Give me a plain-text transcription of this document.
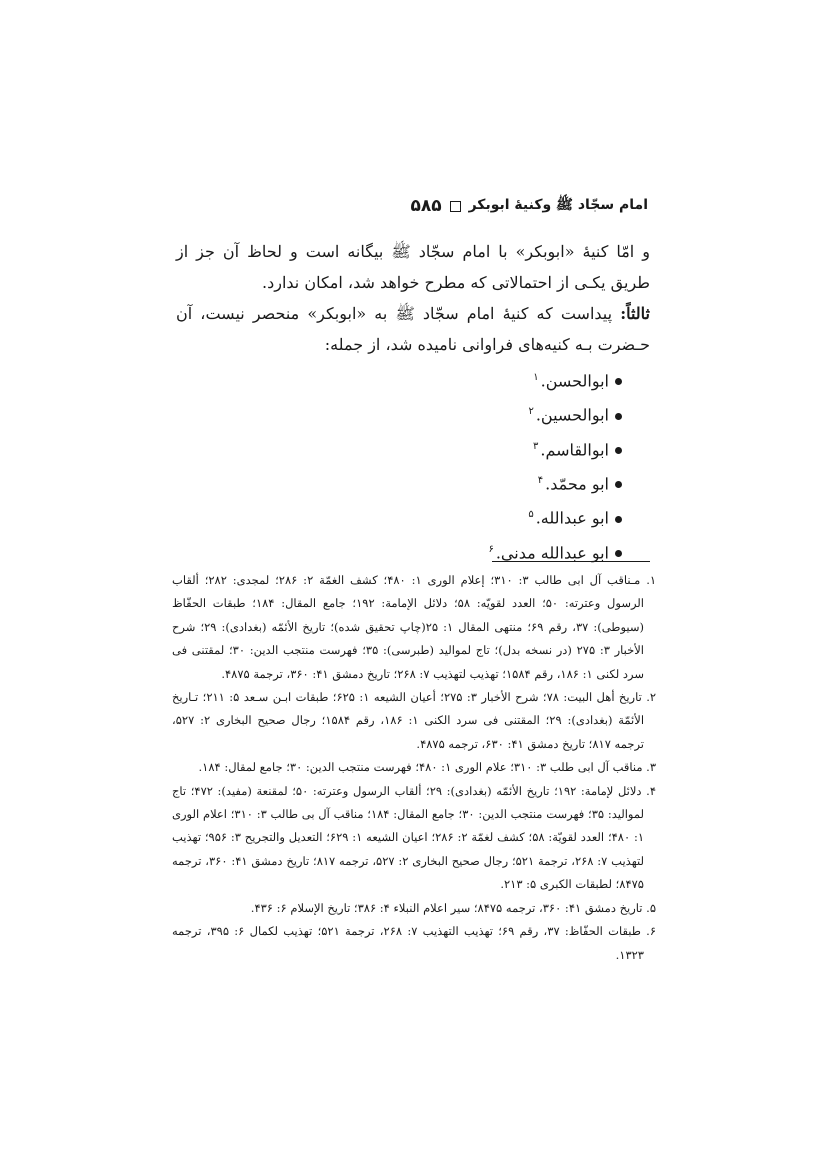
امام سجّاد ﷺ وکنیهٔ ابوبکر
۵۸۵

و امّا کنیهٔ «ابوبکر» با امام سجّاد ﷺ بیگانه است و لحاظ آن جز از طریق یکـی از احتمالاتی که مطرح خواهد شد، امکان ندارد.

ثالثاً: پیداست که کنیهٔ امام سجّاد ﷺ به «ابوبکر» منحصر نیست، آن حـضرت بـه کنیه‌های فراوانی نامیده شد، از جمله:

ابوالحسن.$^۱$
ابوالحسین.$^۲$
ابوالقاسم.$^۳$
ابو محمّد.$^۴$
ابو عبدالله.$^۵$
ابو عبدالله مدنی.$^۶$

۱. مـناقب آل ابی طالب ۳: ۳۱۰؛ إعلام الوری ۱: ۴۸۰؛ کشف الغمّة ۲: ۲۸۶؛ لمجدی: ۲۸۲؛ ألقاب الرسول وعترته: ۵۰؛ العدد لقویّه: ۵۸؛ دلائل الإمامة: ۱۹۲؛ جامع المقال: ۱۸۴؛ طبقات الحفّاظ (سیوطی): ۳۷، رقم ۶۹؛ منتهی المقال ۱: ۲۵(چاپ تحقیق شده)؛ تاریخ الأئمّه (بغدادی): ۲۹؛ شرح الأخبار ۳: ۲۷۵ (در نسخه بدل)؛ تاج لموالید (طبرسی): ۳۵؛ فهرست منتجب الدین: ۳۰؛ لمقتنی فی سرد لکنی ۱: ۱۸۶، رقم ۱۵۸۴؛ تهذیب لتهذیب ۷: ۲۶۸؛ تاریخ دمشق ۴۱: ۳۶۰، ترجمة ۴۸۷۵.

۲. تاریخ أهل البیت: ۷۸؛ شرح الأخبار ۳: ۲۷۵؛ أعیان الشیعه ۱: ۶۲۵؛ طبقات ابـن سـعد ۵: ۲۱۱؛ تـاریخ الأئمّة (بغدادی): ۲۹؛ المقتنی فی سرد الکنی ۱: ۱۸۶، رقم ۱۵۸۴؛ رجال صحیح البخاری ۲: ۵۲۷، ترجمه ۸۱۷؛ تاریخ دمشق ۴۱: ۶۳۰، ترجمه ۴۸۷۵.

۳. مناقب آل ابی طلب ۳: ۳۱۰؛ علام الوری ۱: ۴۸۰؛ فهرست منتجب الدین: ۳۰؛ جامع لمقال: ۱۸۴.

۴. دلائل لإمامة: ۱۹۲؛ تاریخ الأئمّه (بغدادی): ۲۹؛ ألقاب الرسول وعترته: ۵۰؛ لمقنعة (مفید): ۴۷۲؛ تاج لموالید: ۳۵؛ فهرست منتجب الدین: ۳۰؛ جامع المقال: ۱۸۴؛ مناقب آل بی طالب ۳: ۳۱۰؛ اعلام الوری ۱: ۴۸۰؛ العدد لقویّة: ۵۸؛ کشف لغمّة ۲: ۲۸۶؛ اعیان الشیعه ۱: ۶۲۹؛ التعدیل والتجریح ۳: ۹۵۶؛ تهذیب لتهذیب ۷: ۲۶۸، ترجمة ۵۲۱؛ رجال صحیح البخاری ۲: ۵۲۷، ترجمه ۸۱۷؛ تاریخ دمشق ۴۱: ۳۶۰، ترجمه ۸۴۷۵؛ لطبقات الکبری ۵: ۲۱۳.

۵. تاریخ دمشق ۴۱: ۳۶۰، ترجمه ۸۴۷۵؛ سیر اعلام النبلاء ۴: ۳۸۶؛ تاریخ الإسلام ۶: ۴۳۶.

۶. طبقات الحفّاظ: ۳۷، رقم ۶۹؛ تهذیب التهذیب ۷: ۲۶۸، ترجمة ۵۲۱؛ تهذیب لکمال ۶: ۳۹۵، ترجمه ۱۳۲۳.
